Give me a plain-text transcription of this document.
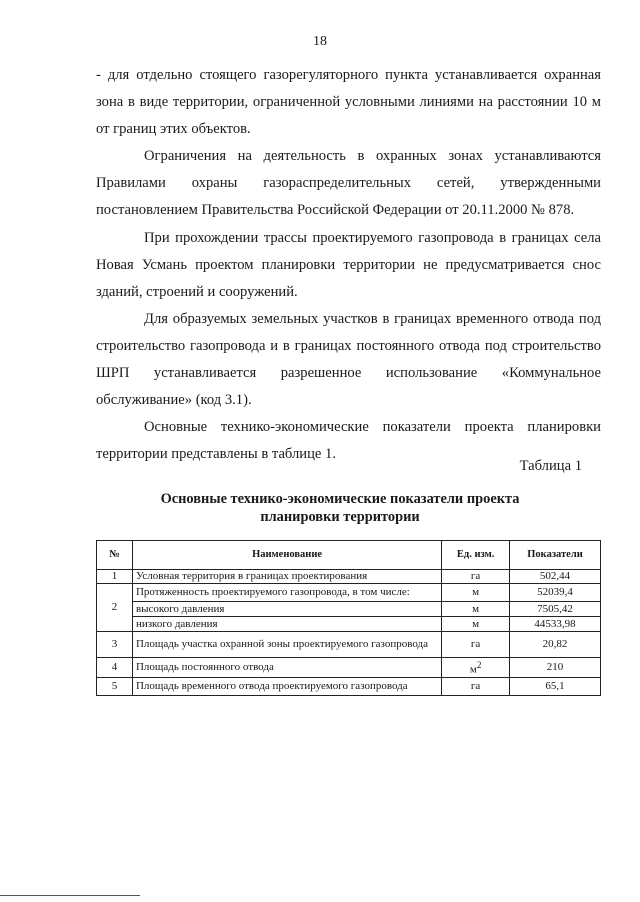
18

- для отдельно стоящего газорегуляторного пункта устанавливается охранная зона в виде территории, ограниченной условными линиями на расстоянии 10 м от границ этих объектов.

Ограничения на деятельность в охранных зонах устанавливаются Правилами охраны газораспределительных сетей, утвержденными постановлением Правительства Российской Федерации от 20.11.2000 № 878.

При прохождении трассы проектируемого газопровода в границах села Новая Усмань проектом планировки территории не предусматривается снос зданий, строений и сооружений.

Для образуемых земельных участков в границах временного отвода под строительство газопровода и в границах постоянного отвода под строительство ШРП устанавливается разрешенное использование «Коммунальное обслуживание» (код 3.1).

Основные технико-экономические показатели проекта планировки территории представлены в таблице 1.

Таблица 1
Основные технико-экономические показатели проекта планировки территории
№	Наименование	Ед. изм.	Показатели
1	Условная территория в границах проектирования	га	502,44
2	Протяженность проектируемого газопровода, в том числе:	м	52039,4
	высокого давления	м	7505,42
	низкого давления	м	44533,98
3	Площадь участка охранной зоны проектируемого газопровода	га	20,82
4	Площадь постоянного отвода	$м^2$	210
5	Площадь временного отвода проектируемого газопровода	га	65,1
